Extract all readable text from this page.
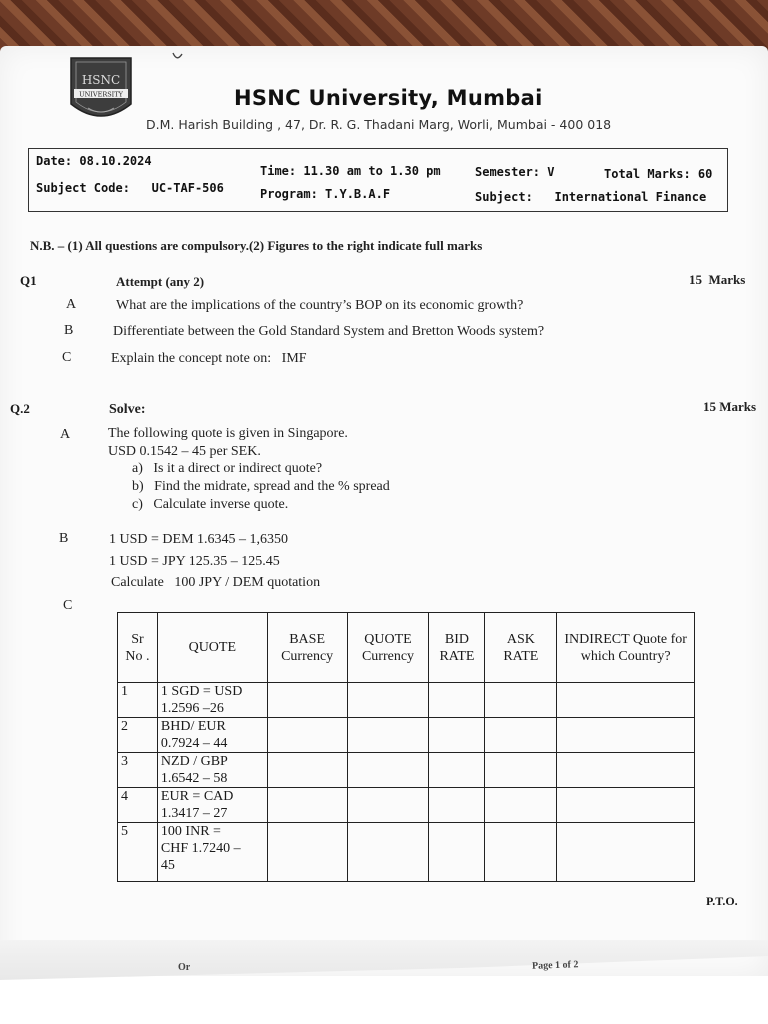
HSNC
UNIVERSITY	HSNC University, Mumbai
D.M. Harish Building , 47, Dr. R. G. Thadani Marg, Worli, Mumbai - 400 018
Date: 08.10.2024
Time: 11.30 am to 1.30 pm	Semester: V	Total Marks: 60
Subject Code:   UC-TAF-506	Program: T.Y.B.A.F	Subject:   International Finance
N.B. – (1) All questions are compulsory.(2) Figures to the right indicate full marks
Q1	Attempt (any 2)	15  Marks
A	What are the implications of the country’s BOP on its economic growth?
B	Differentiate between the Gold Standard System and Bretton Woods system?
C	Explain the concept note on:   IMF
Q.2	Solve:	15 Marks
A	The following quote is given in Singapore.
USD 0.1542 – 45 per SEK.
a)   Is it a direct or indirect quote?
b)   Find the midrate, spread and the % spread
c)   Calculate inverse quote.
B	1 USD = DEM 1.6345 – 1,6350
1 USD = JPY 125.35 – 125.45
Calculate   100 JPY / DEM quotation
C
Sr No .	QUOTE	BASE Currency	QUOTE Currency	BID RATE	ASK RATE	INDIRECT Quote for which Country?
1	1 SGD = USD
1.2596 –26					

2	BHD/ EUR
0.7924 – 44					

3	NZD / GBP
1.6542 – 58					

4	EUR = CAD
1.3417 – 27					

5	100 INR =
CHF 1.7240 –
45					

P.T.O.
Or	Page 1 of 2
